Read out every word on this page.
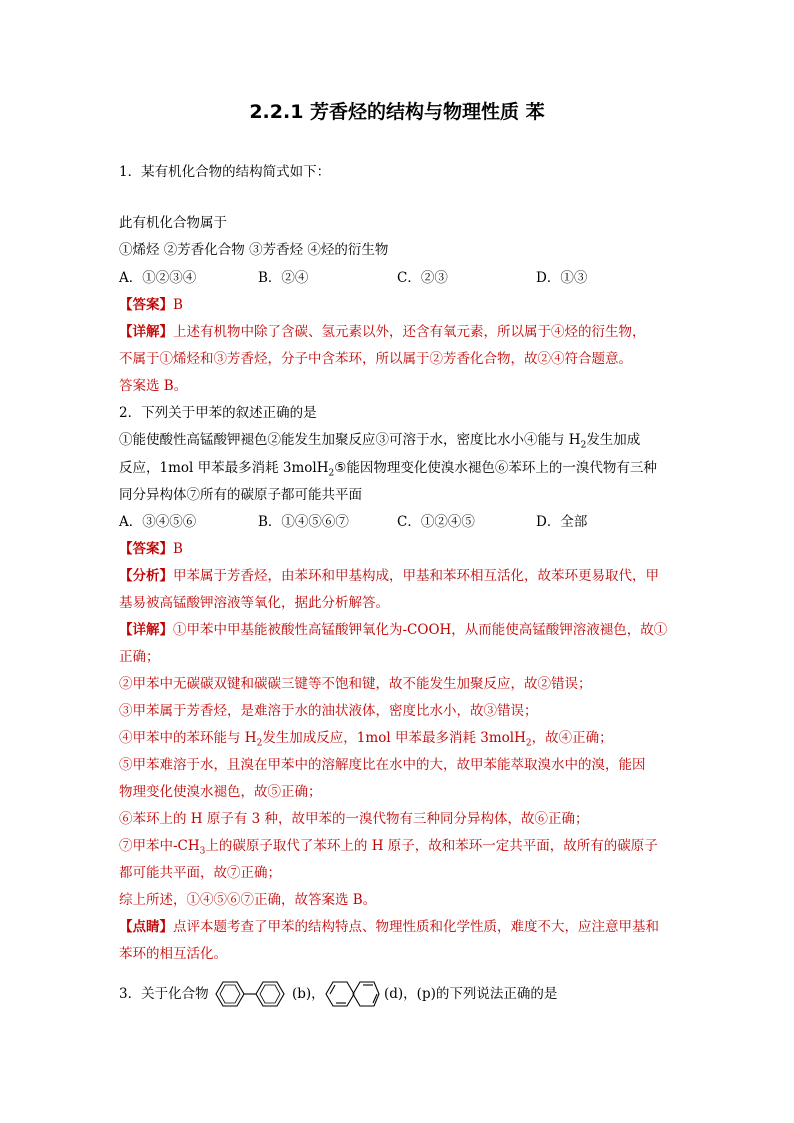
2.2.1 芳香烃的结构与物理性质 苯
1．某有机化合物的结构简式如下：
此有机化合物属于
①烯烃 ②芳香化合物 ③芳香烃 ④烃的衍生物
A．①②③④	B．②④	C．②③	D．①③
【答案】B
【详解】上述有机物中除了含碳、氢元素以外，还含有氧元素，所以属于④烃的衍生物，
不属于①烯烃和③芳香烃，分子中含苯环，所以属于②芳香化合物，故②④符合题意。
答案选 B。
2．下列关于甲苯的叙述正确的是
①能使酸性高锰酸钾褪色②能发生加聚反应③可溶于水，密度比水小④能与 $H_2$发生加成
反应，1mol 甲苯最多消耗 3molH$_2$⑤能因物理变化使溴水褪色⑥苯环上的一溴代物有三种
同分异构体⑦所有的碳原子都可能共平面
A．③④⑤⑥	B．①④⑤⑥⑦	C．①②④⑤	D．全部
【答案】B
【分析】甲苯属于芳香烃，由苯环和甲基构成，甲基和苯环相互活化，故苯环更易取代，甲
基易被高锰酸钾溶液等氧化，据此分析解答。
【详解】①甲苯中甲基能被酸性高锰酸钾氧化为-COOH，从而能使高锰酸钾溶液褪色，故①
正确；
②甲苯中无碳碳双键和碳碳三键等不饱和键，故不能发生加聚反应，故②错误；
③甲苯属于芳香烃，是难溶于水的油状液体，密度比水小，故③错误；
④甲苯中的苯环能与 $H_2$发生加成反应，1mol 甲苯最多消耗 3molH$_2$，故④正确；
⑤甲苯难溶于水，且溴在甲苯中的溶解度比在水中的大，故甲苯能萃取溴水中的溴，能因
物理变化使溴水褪色，故⑤正确；
⑥苯环上的 H 原子有 3 种，故甲苯的一溴代物有三种同分异构体，故⑥正确；
⑦甲苯中$-CH_3$上的碳原子取代了苯环上的 H 原子，故和苯环一定共平面，故所有的碳原子
都可能共平面，故⑦正确；
综上所述，①④⑤⑥⑦正确，故答案选 B。
【点睛】点评本题考查了甲苯的结构特点、物理性质和化学性质，难度不大，应注意甲基和
苯环的相互活化。
3．关于化合物	(b)，	(d)，(p)的下列说法正确的是
